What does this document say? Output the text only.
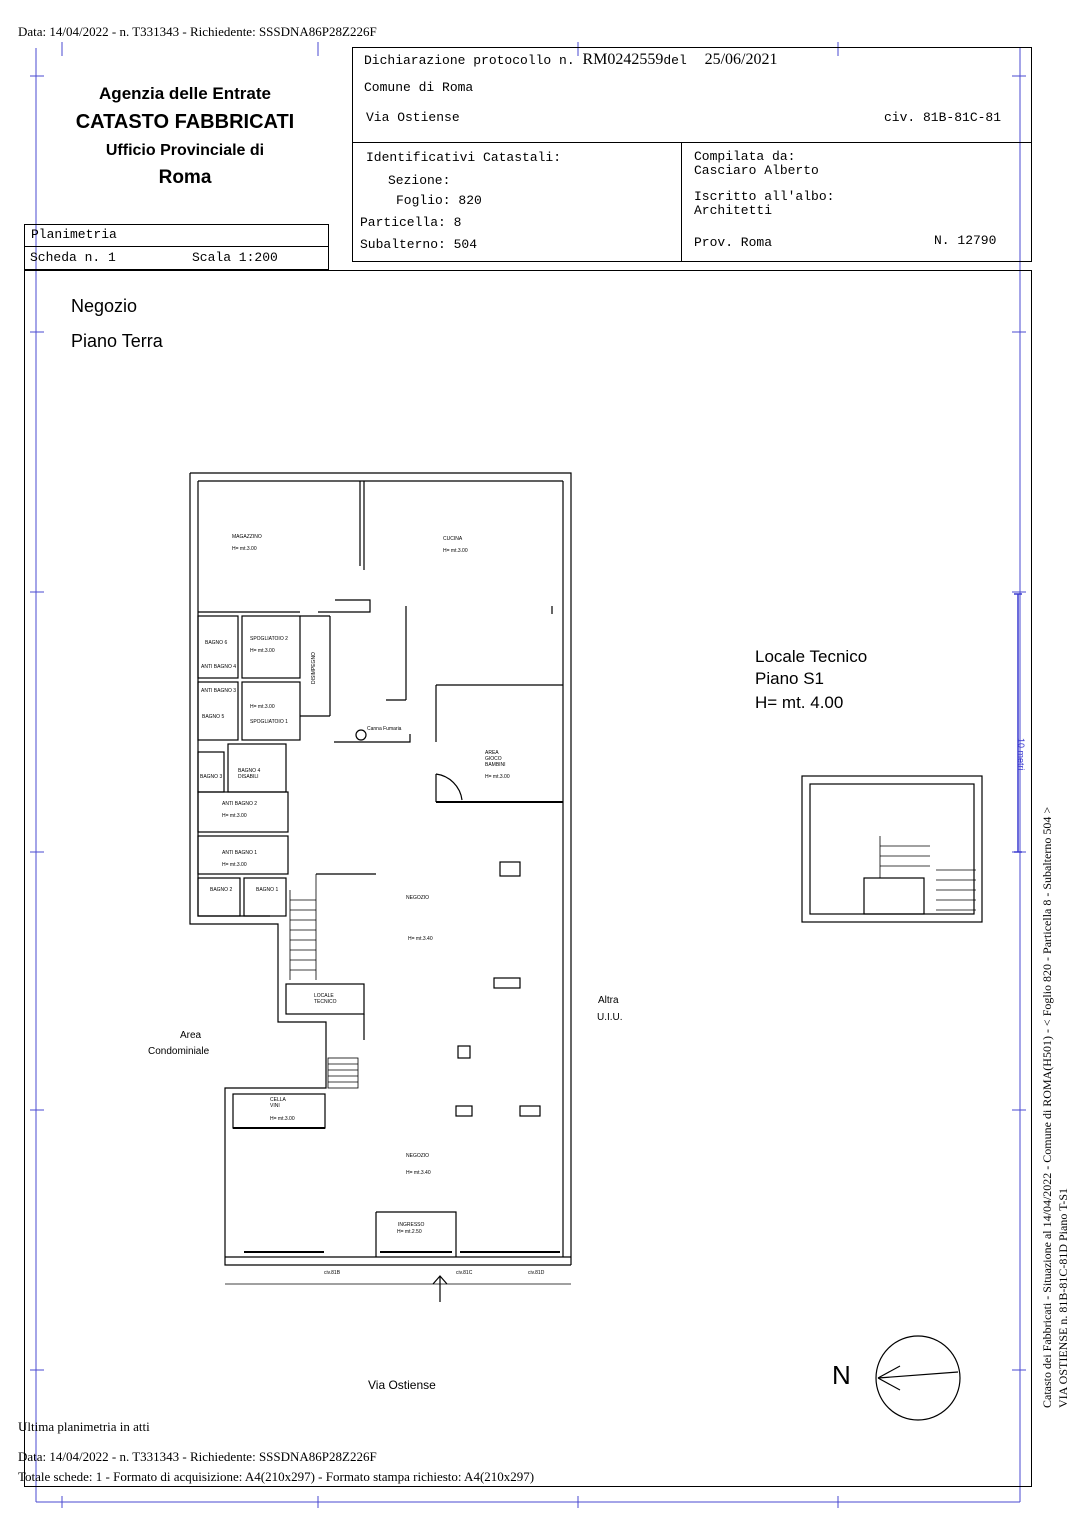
Data: 14/04/2022 - n. T331343 - Richiedente: SSSDNA86P28Z226F
Agenzia delle Entrate
CATASTO FABBRICATI
Ufficio Provinciale di
Roma
Dichiarazione protocollo n. RM0242559del 25/06/2021
Comune di Roma
Via Ostiense	civ. 81B-81C-81
Identificativi Catastali:
Sezione:
Foglio: 820
Particella: 8
Subalterno: 504
Compilata da:
Casciaro Alberto
Iscritto all'albo:
Architetti
Prov. Roma	N. 12790
Planimetria
Scheda n. 1	Scala 1:200
Negozio
Piano Terra
Locale Tecnico
Piano S1
H= mt. 4.00
MAGAZZINO
H= mt.3.00
CUCINA
H= mt.3.00
BAGNO 6
SPOGLIATOIO 2
H= mt.3.00
DISIMPEGNO
ANTI BAGNO 4
ANTI BAGNO 3
BAGNO 5
H= mt.3.00
SPOGLIATOIO 1
Canna Fumaria
AREA GIOCO BAMBINI
H= mt.3.00
BAGNO 3
BAGNO 4 DISABILI
ANTI BAGNO 2
H= mt.3.00
ANTI BAGNO 1
H= mt.3.00
BAGNO 2	BAGNO 1
NEGOZIO
H= mt.3.40
LOCALE TECNICO
CELLA VINI
H= mt.3.00
NEGOZIO
H= mt.3.40
INGRESSO
H= mt.2.50
civ.81B	civ.81C	civ.81D
Area
Condominiale
Altra
U.I.U.
Via Ostiense	N
10 metri
Catasto dei Fabbricati - Situazione al 14/04/2022 - Comune di ROMA(H501) - < Foglio 820 - Particella 8 - Subalterno 504 > VIA OSTIENSE n. 81B-81C-81D Piano T-S1
Ultima planimetria in atti
Data: 14/04/2022 - n. T331343 - Richiedente: SSSDNA86P28Z226F
Totale schede: 1 - Formato di acquisizione: A4(210x297) - Formato stampa richiesto: A4(210x297)
